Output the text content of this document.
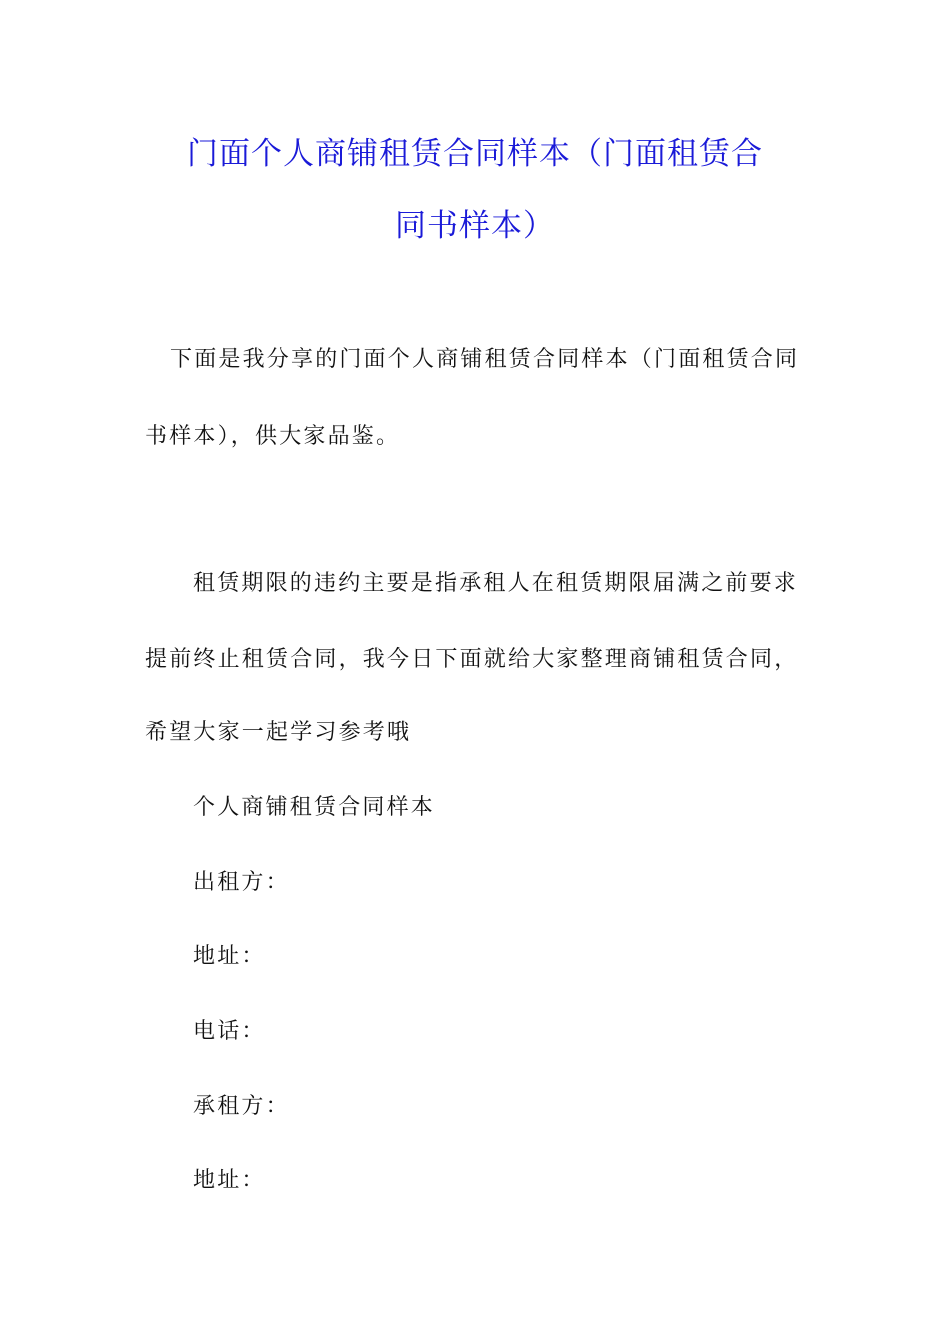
门面个人商铺租赁合同样本（门面租赁合
同书样本）

下面是我分享的门面个人商铺租赁合同样本（门面租赁合同

书样本），供大家品鉴。

租赁期限的违约主要是指承租人在租赁期限届满之前要求

提前终止租赁合同，我今日下面就给大家整理商铺租赁合同，

希望大家一起学习参考哦

个人商铺租赁合同样本

出租方：

地址：

电话：

承租方：

地址：
